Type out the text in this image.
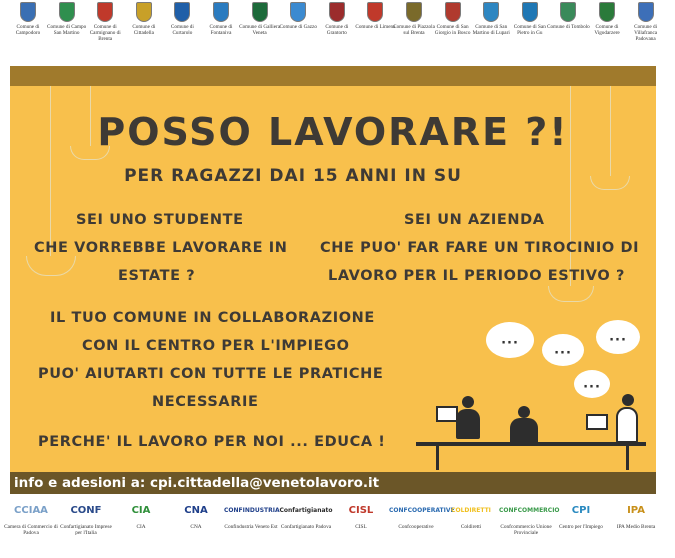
Comune di Campodoro
Comune di Campo San Martino
Comune di Carmignano di Brenta
Comune di Cittadella
Comune di Curtarolo
Comune di Fontaniva
Comune di Galliera Veneta
Comune di Gazzo	Comune di Grantorto
Comune di Limena
Comune di Piazzola sul Brenta
Comune di San Giorgio in Bosco
Comune di San Martino di Lupari
Comune di San Pietro in Gu
Comune di Tombolo	Comune di Vigodarzere
Comune di Villafranca Padovana
POSSO LAVORARE ?!
PER RAGAZZI DAI 15 ANNI IN SU
SEI UNO STUDENTE
CHE VORREBBE LAVORARE IN
ESTATE ?
SEI UN AZIENDA
CHE PUO' FAR FARE UN TIROCINIO DI
LAVORO PER IL PERIODO ESTIVO ?
IL TUO COMUNE IN COLLABORAZIONE
CON IL CENTRO PER L'IMPIEGO
PUO' AIUTARTI CON TUTTE LE PRATICHE
NECESSARIE
PERCHE' IL LAVORO PER NOI ... EDUCA !
...
...
...
...
info e adesioni a: cpi.cittadella@venetolavoro.it
CCIAA
Camera di Commercio di Padova
CONF
Confartigianato Imprese per l'Italia
CIA
CIA
CNA
CNA
CONFINDUSTRIA
Confindustria Veneto Est
Confartigianato
Confartigianato Padova
CISL
CISL
CONFCOOPERATIVE
Confcooperative
COLDIRETTI
Coldiretti
CONFCOMMERCIO
Confcommercio Unione Provinciale
CPI
Centro per l'Impiego
IPA
IPA Medio Brenta
